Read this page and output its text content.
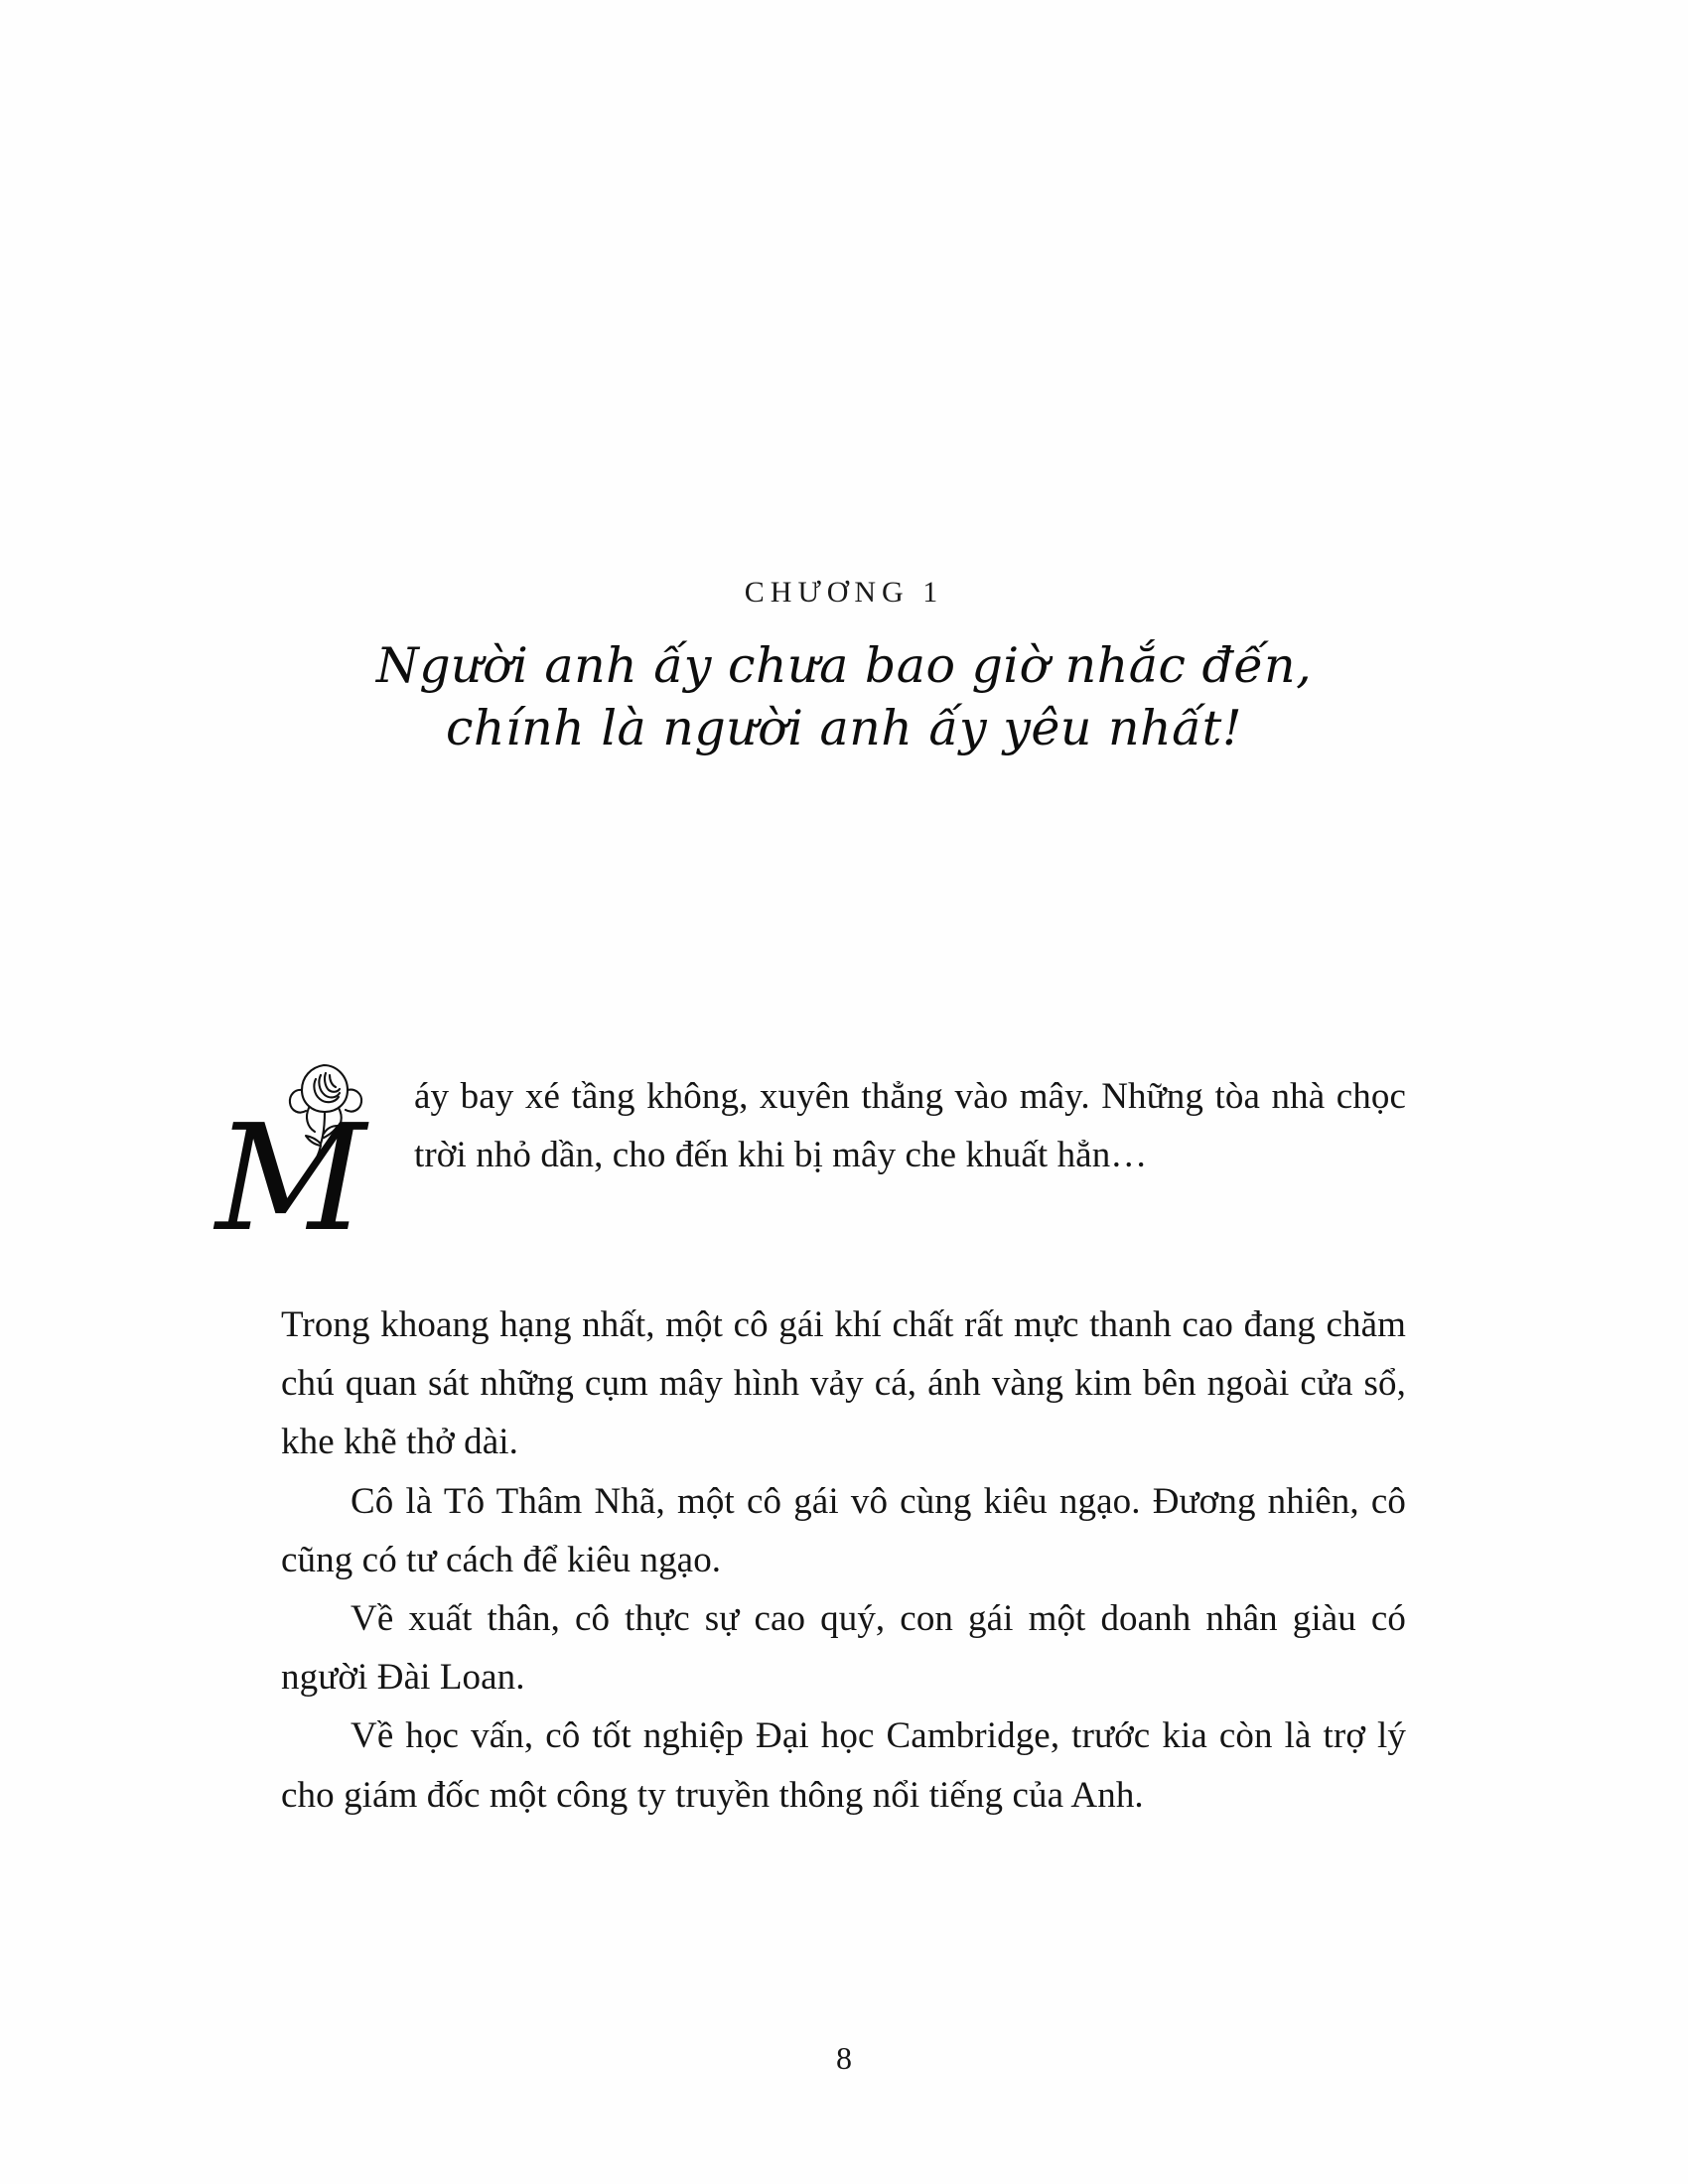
CHƯƠNG 1
Người anh ấy chưa bao giờ nhắc đến,
chính là người anh ấy yêu nhất!
M	áy bay xé tầng không, xuyên thẳng vào mây. Những tòa nhà chọc trời nhỏ dần, cho đến khi bị mây che khuất hẳn…

Trong khoang hạng nhất, một cô gái khí chất rất mực thanh cao đang chăm chú quan sát những cụm mây hình vảy cá, ánh vàng kim bên ngoài cửa sổ, khe khẽ thở dài.

Cô là Tô Thâm Nhã, một cô gái vô cùng kiêu ngạo. Đương nhiên, cô cũng có tư cách để kiêu ngạo.

Về xuất thân, cô thực sự cao quý, con gái một doanh nhân giàu có người Đài Loan.

Về học vấn, cô tốt nghiệp Đại học Cambridge, trước kia còn là trợ lý cho giám đốc một công ty truyền thông nổi tiếng của Anh.

8
